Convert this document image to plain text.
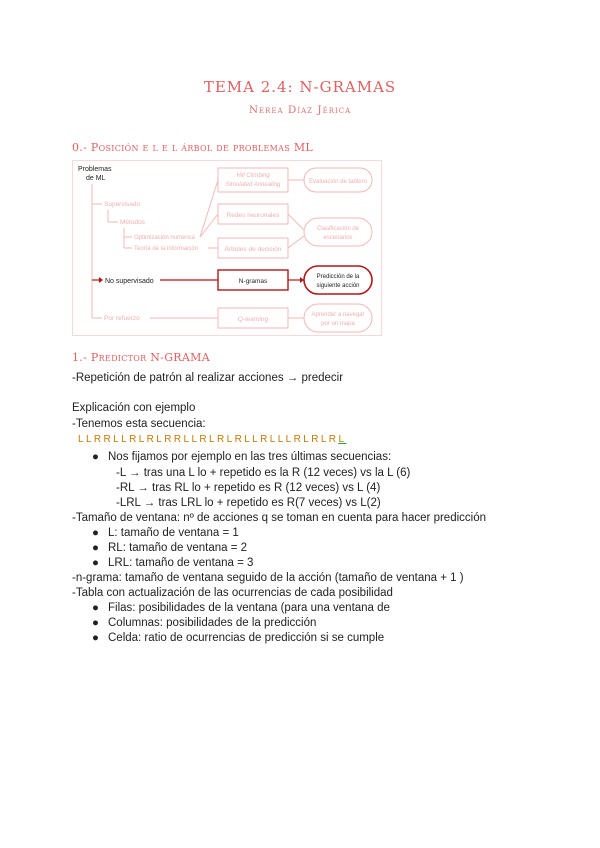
TEMA 2.4: N-GRAMAS
Nerea Díaz Jérica
0.- Posición e l e l árbol de problemas ML
Problemas
de ML
Supervisado
Métodos
Optimización numérica
Teoría de la información
Hill Climbing
Simulated Annealing
Redes neuronales
Árboles de decisión
Evaluación de tablero
Clasificación de
escenarios
No supervisado	N-gramas
Predicción de la
siguiente acción
Por refuerzo	Q-learning
Aprender a navegar
por un mapa
1.- Predictor N-GRAMA
-Repetición de patrón al realizar acciones → predecir
Explicación con ejemplo
-Tenemos esta secuencia:
LLRRLLRLRLRRLLRLRLRLLRLLLRLRLRL
● Nos fijamos por ejemplo en las tres últimas secuencias:
-L → tras una L lo + repetido es la R (12 veces) vs la L (6)
-RL → tras RL lo + repetido es R (12 veces) vs L (4)
-LRL → tras LRL lo + repetido es R(7 veces) vs L(2)
-Tamaño de ventana: nº de acciones q se toman en cuenta para hacer predicción
● L: tamaño de ventana = 1
● RL: tamaño de ventana = 2
● LRL: tamaño de ventana = 3
-n-grama: tamaño de ventana seguido de la acción (tamaño de ventana + 1 )
-Tabla con actualización de las ocurrencias de cada posibilidad
● Filas: posibilidades de la ventana (para una ventana de
● Columnas: posibilidades de la predicción
● Celda: ratio de ocurrencias de predicción si se cumple
